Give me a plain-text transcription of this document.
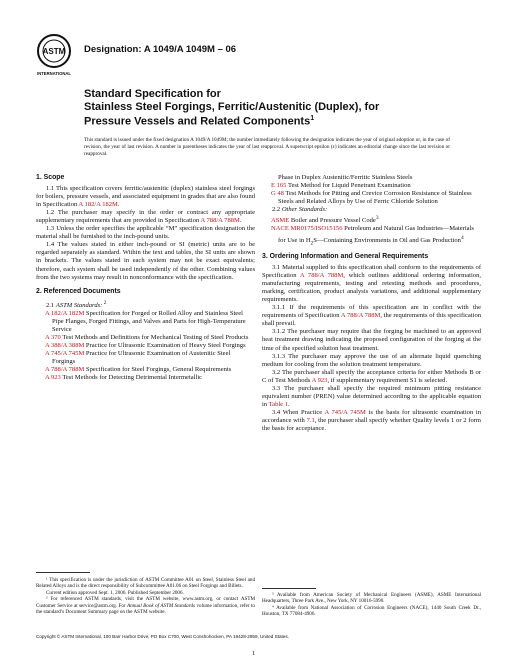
ASTM
INTERNATIONAL
Designation: A 1049/A 1049M – 06
Standard Specification for
Stainless Steel Forgings, Ferritic/Austenitic (Duplex), for
Pressure Vessels and Related Components$^1$
This standard is issued under the fixed designation A 1049/A 1049M; the number immediately following the designation indicates the year of original adoption or, in the case of revision, the year of last revision. A number in parentheses indicates the year of last reapproval. A superscript epsilon (ε) indicates an editorial change since the last revision or reapproval.

1. Scope

1.1 This specification covers ferritic/austenitic (duplex) stainless steel forgings for boilers, pressure vessels, and associated equipment in grades that are also found in Specification A 182/A 182M.

1.2 The purchaser may specify in the order or contract any appropriate supplementary requirements that are provided in Specification A 788/A 788M.

1.3 Unless the order specifies the applicable “M” specification designation the material shall be furnished to the inch-pound units.

1.4 The values stated in either inch-pound or SI (metric) units are to be regarded separately as standard. Within the text and tables, the SI units are shown in brackets. The values stated in each system may not be exact equivalents; therefore, each system shall be used independently of the other. Combining values from the two systems may result in nonconformance with the specification.

2. Referenced Documents

2.1 ASTM Standards: $^2$

A 182/A 182M Specification for Forged or Rolled Alloy and Stainless Steel Pipe Flanges, Forged Fittings, and Valves and Parts for High-Temperature Service

A 370 Test Methods and Definitions for Mechanical Testing of Steel Products

A 388/A 388M Practice for Ultrasonic Examination of Heavy Steel Forgings

A 745/A 745M Practice for Ultrasonic Examination of Austenitic Steel Forgings

A 788/A 788M Specification for Steel Forgings, General Requirements

A 923 Test Methods for Detecting Detrimental Intermetallic

¹ This specification is under the jurisdiction of ASTM Committee A01 on Steel, Stainless Steel and Related Alloys and is the direct responsibility of Subcommittee A01.06 on Steel Forgings and Billets.

Current edition approved Sept. 1, 2006. Published September 2006.

² For referenced ASTM standards, visit the ASTM website, www.astm.org, or contact ASTM Customer Service at service@astm.org. For Annual Book of ASTM Standards volume information, refer to the standard’s Document Summary page on the ASTM website.

Phase in Duplex Austenitic/Ferritic Stainless Steels

E 165 Test Method for Liquid Penetrant Examination

G 48 Test Methods for Pitting and Crevice Corrosion Resistance of Stainless Steels and Related Alloys by Use of Ferric Chloride Solution

2.2 Other Standards:

ASME Boiler and Pressure Vessel Code$^3$

NACE MR0175/ISO15156 Petroleum and Natural Gas Industries—Materials for Use in $H_2S—Containing$ Environments in Oil and Gas Production$^4$

3. Ordering Information and General Requirements

3.1 Material supplied to this specification shall conform to the requirements of Specification A 788/A 788M, which outlines additional ordering information, manufacturing requirements, testing and retesting methods and procedures, marking, certification, product analysis variations, and additional supplementary requirements.

3.1.1 If the requirements of this specification are in conflict with the requirements of Specification A 788/A 788M, the requirements of this specification shall prevail.

3.1.2 The purchaser may require that the forging be machined to an approved heat treatment drawing indicating the proposed configuration of the forging at the time of the specified solution heat treatment.

3.1.3 The purchaser may approve the use of an alternate liquid quenching medium for cooling from the solution treatment temperature.

3.2 The purchaser shall specify the acceptance criteria for either Methods B or C of Test Methods A 923, if supplementary requirement S1 is selected.

3.3 The purchaser shall specify the required minimum pitting resistance equivalent number (PREN) value determined according to the applicable equation in Table 1.

3.4 When Practice A 745/A 745M is the basis for ultrasonic examination in accordance with 7.1, the purchaser shall specify whether Quality levels 1 or 2 form the basis for acceptance.

³ Available from American Society of Mechanical Engineers (ASME), ASME International Headquarters, Three Park Ave., New York, NY 10016-5990.

⁴ Available from National Association of Corrosion Engineers (NACE), 1440 South Creek Dr., Houston, TX 77084-4906.

Copyright © ASTM International, 100 Barr Harbor Drive, PO Box C700, West Conshohocken, PA 19428-2959, United States.
1
